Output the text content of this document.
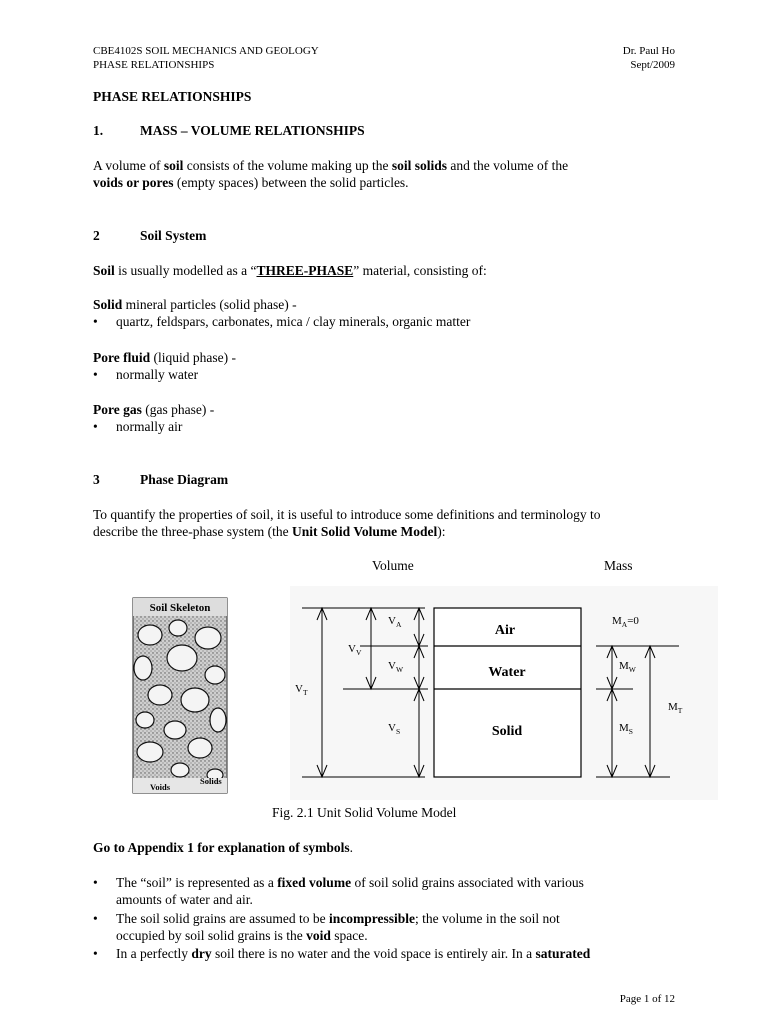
CBE4102S SOIL MECHANICS AND GEOLOGY
PHASE RELATIONSHIPS
Dr. Paul Ho
Sept/2009
PHASE RELATIONSHIPS
1.	MASS – VOLUME RELATIONSHIPS
A volume of soil consists of the volume making up the soil solids and the volume of the
voids or pores (empty spaces) between the solid particles.
2	Soil System
Soil is usually modelled as a “THREE-PHASE” material, consisting of:
Solid mineral particles (solid phase) -
• quartz, feldspars, carbonates, mica / clay minerals, organic matter
Pore fluid (liquid phase) -
• normally water
Pore gas (gas phase) -
• normally air
3	Phase Diagram
To quantify the properties of soil, it is useful to introduce some definitions and terminology to
describe the three-phase system (the Unit Solid Volume Model):
Volume	Mass
Soil Skeleton
Voids
Solids
Air
Water
Solid
$V_A$
$V_V$
$V_W$
$V_T$
$V_S$
$M_A=0$
$M_W$
$M_S$
$M_T$
Fig. 2.1 Unit Solid Volume Model
Go to Appendix 1 for explanation of symbols.
• The “soil” is represented as a fixed volume of soil solid grains associated with various
amounts of water and air.
• The soil solid grains are assumed to be incompressible; the volume in the soil not
occupied by soil solid grains is the void space.
• In a perfectly dry soil there is no water and the void space is entirely air. In a saturated
Page 1 of 12
